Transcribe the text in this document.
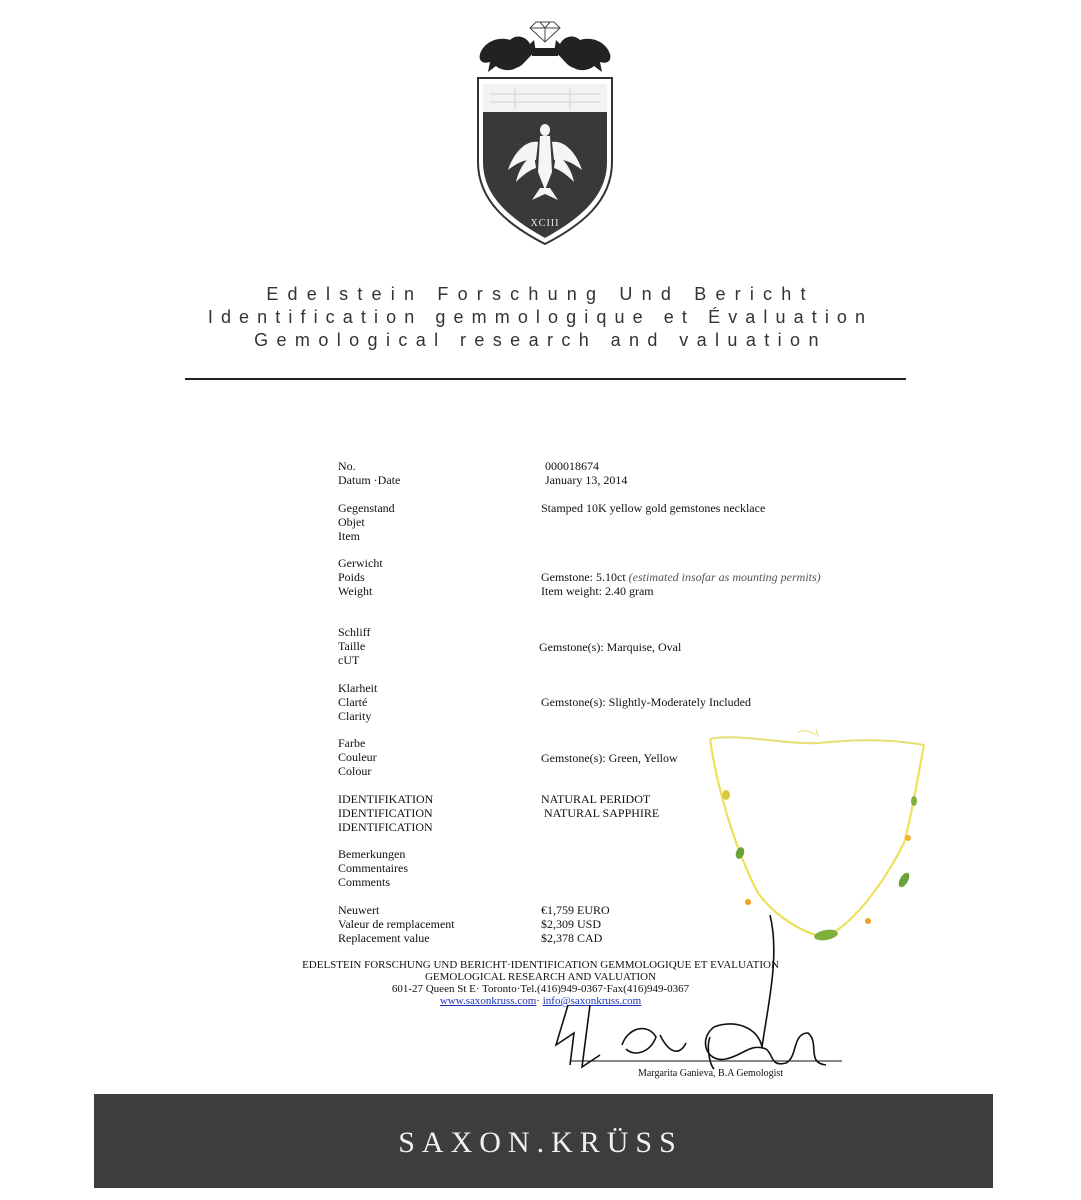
XCIII
Edelstein Forschung Und Bericht
Identification gemmologique et Évaluation
Gemological research and valuation
No.	000018674
Datum ·Date	January 13, 2014
Gegenstand
Objet
Item
Stamped 10K yellow gold gemstones necklace
Gerwicht
Poids
Weight
Gemstone: 5.10ct (estimated insofar as mounting permits)
Item weight: 2.40 gram
Schliff
Taille
cUT
Gemstone(s): Marquise, Oval
Klarheit
Clarté
Clarity
Gemstone(s): Slightly-Moderately Included
Farbe
Couleur
Colour
Gemstone(s): Green, Yellow
IDENTIFIKATION
IDENTIFICATION
IDENTIFICATION
NATURAL PERIDOT
NATURAL SAPPHIRE
Bemerkungen
Commentaires
Comments
Neuwert
Valeur de remplacement
Replacement value
€1,759 EURO
$2,309 USD
$2,378 CAD
EDELSTEIN FORSCHUNG UND BERICHT·IDENTIFICATION GEMMOLOGIQUE ET EVALUATION
GEMOLOGICAL RESEARCH AND VALUATION
601-27 Queen St E· Toronto·Tel.(416)949-0367·Fax(416)949-0367
www.saxonkruss.com· info@saxonkruss.com
Margarita Ganieva, B.A Gemologist
SAXON.KRÜSS
